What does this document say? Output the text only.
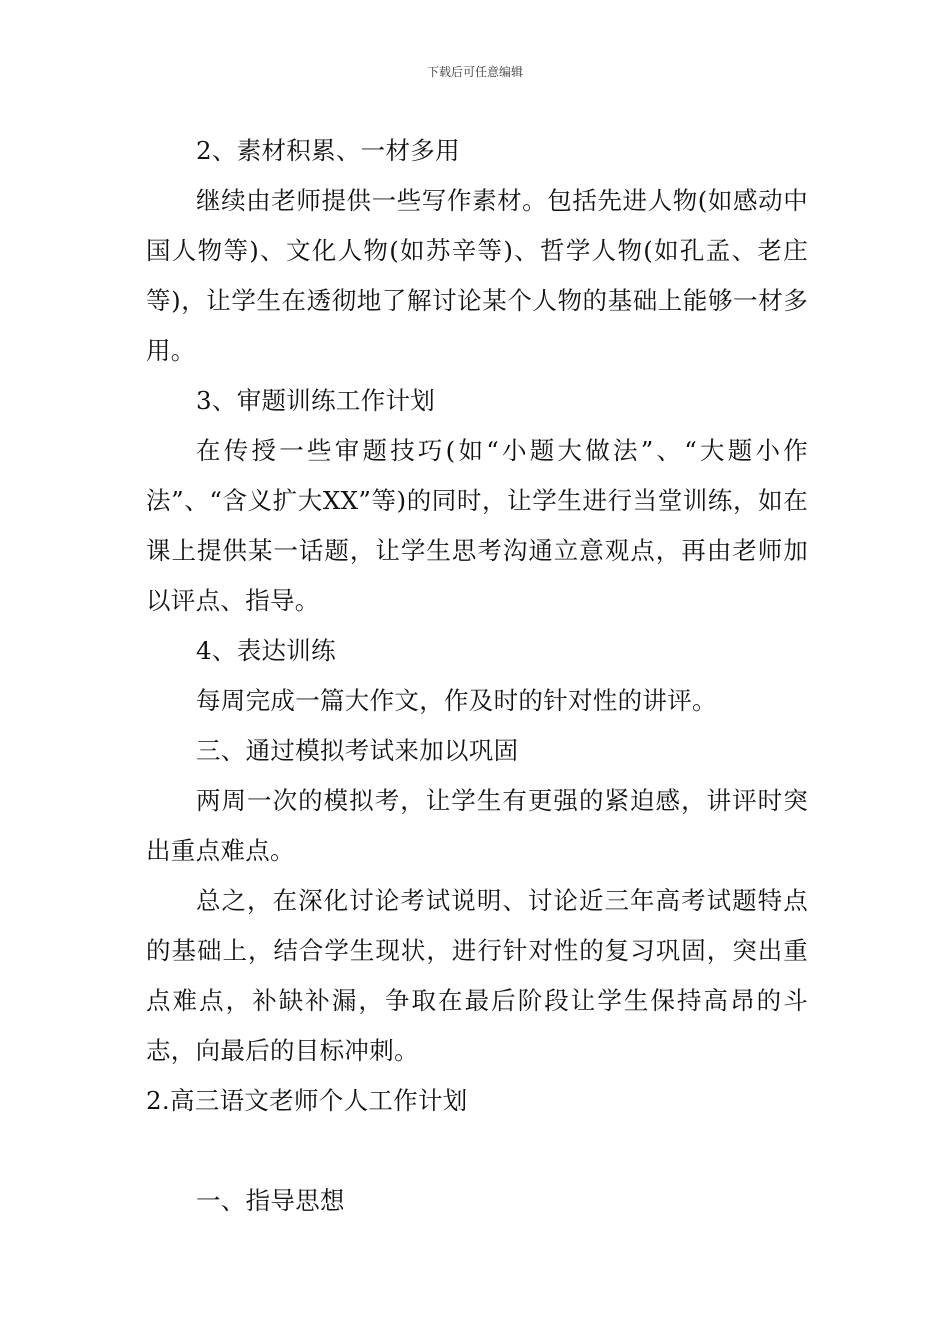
下载后可任意编辑

2、素材积累、一材多用

继续由老师提供一些写作素材。包括先进人物(如感动中国人物等)、文化人物(如苏辛等)、哲学人物(如孔孟、老庄等)，让学生在透彻地了解讨论某个人物的基础上能够一材多用。

3、审题训练工作计划

在传授一些审题技巧(如“小题大做法”、“大题小作法”、“含义扩大XX”等)的同时，让学生进行当堂训练，如在课上提供某一话题，让学生思考沟通立意观点，再由老师加以评点、指导。

4、表达训练

每周完成一篇大作文，作及时的针对性的讲评。

三、通过模拟考试来加以巩固

两周一次的模拟考，让学生有更强的紧迫感，讲评时突出重点难点。

总之，在深化讨论考试说明、讨论近三年高考试题特点的基础上，结合学生现状，进行针对性的复习巩固，突出重点难点，补缺补漏，争取在最后阶段让学生保持高昂的斗志，向最后的目标冲刺。

2.高三语文老师个人工作计划

一、指导思想
